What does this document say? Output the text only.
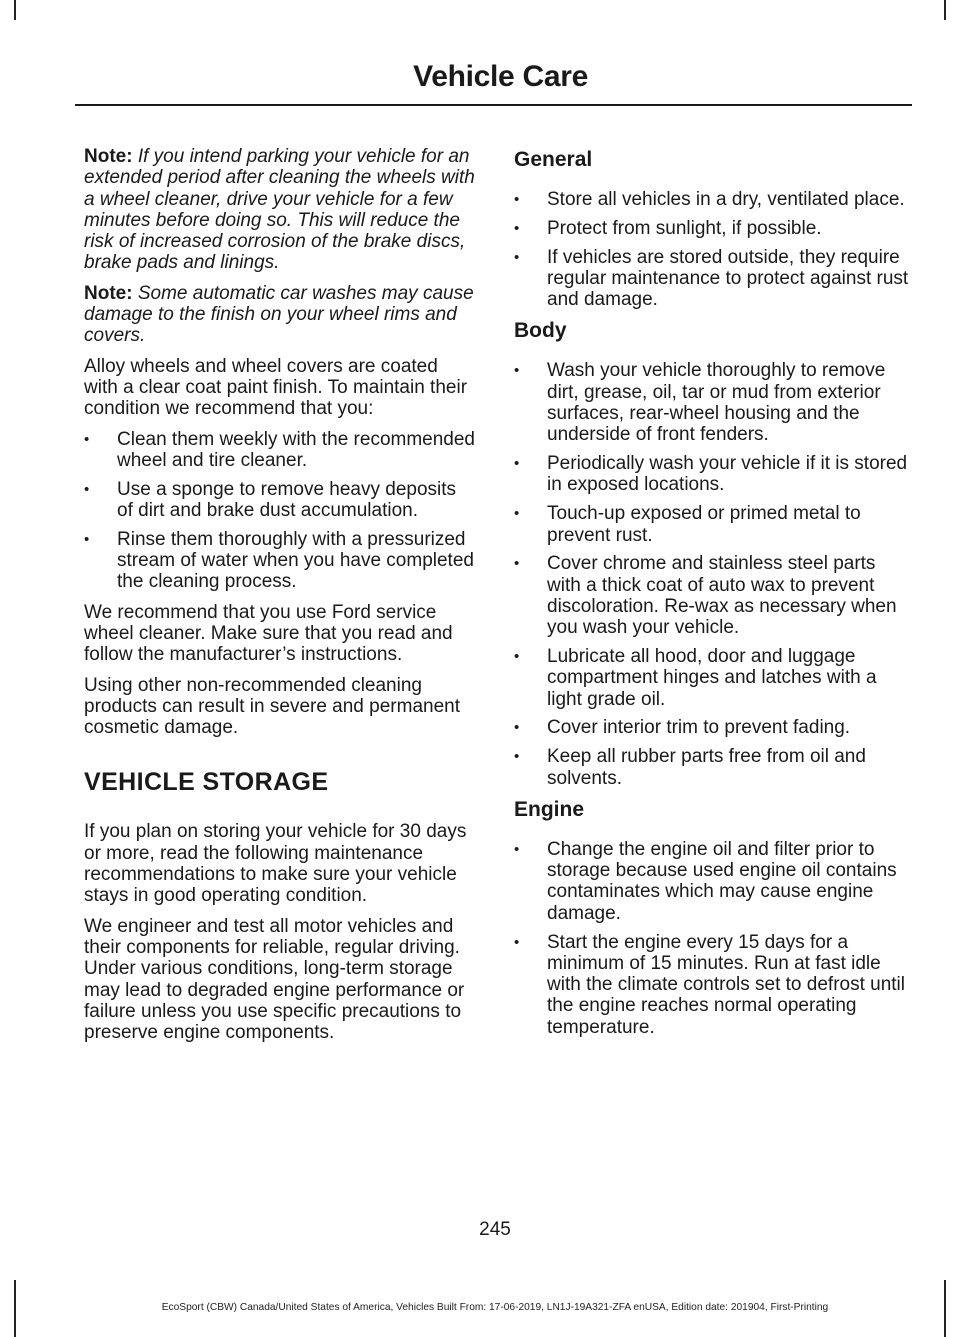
Vehicle Care

Note: If you intend parking your vehicle for an extended period after cleaning the wheels with a wheel cleaner, drive your vehicle for a few minutes before doing so. This will reduce the risk of increased corrosion of the brake discs, brake pads and linings.

Note: Some automatic car washes may cause damage to the finish on your wheel rims and covers.

Alloy wheels and wheel covers are coated with a clear coat paint finish. To maintain their condition we recommend that you:

• Clean them weekly with the recommended wheel and tire cleaner.
• Use a sponge to remove heavy deposits of dirt and brake dust accumulation.
• Rinse them thoroughly with a pressurized stream of water when you have completed the cleaning process.

We recommend that you use Ford service wheel cleaner. Make sure that you read and follow the manufacturer’s instructions.

Using other non-recommended cleaning products can result in severe and permanent cosmetic damage.

VEHICLE STORAGE

If you plan on storing your vehicle for 30 days or more, read the following maintenance recommendations to make sure your vehicle stays in good operating condition.

We engineer and test all motor vehicles and their components for reliable, regular driving. Under various conditions, long-term storage may lead to degraded engine performance or failure unless you use specific precautions to preserve engine components.

General
• Store all vehicles in a dry, ventilated place.
• Protect from sunlight, if possible.
• If vehicles are stored outside, they require regular maintenance to protect against rust and damage.
Body
• Wash your vehicle thoroughly to remove dirt, grease, oil, tar or mud from exterior surfaces, rear-wheel housing and the underside of front fenders.
• Periodically wash your vehicle if it is stored in exposed locations.
• Touch-up exposed or primed metal to prevent rust.
• Cover chrome and stainless steel parts with a thick coat of auto wax to prevent discoloration. Re-wax as necessary when you wash your vehicle.
• Lubricate all hood, door and luggage compartment hinges and latches with a light grade oil.
• Cover interior trim to prevent fading.
• Keep all rubber parts free from oil and solvents.
Engine
• Change the engine oil and filter prior to storage because used engine oil contains contaminates which may cause engine damage.
• Start the engine every 15 days for a minimum of 15 minutes. Run at fast idle with the climate controls set to defrost until the engine reaches normal operating temperature.
245
EcoSport (CBW) Canada/United States of America, Vehicles Built From: 17-06-2019, LN1J-19A321-ZFA enUSA, Edition date: 201904, First-Printing
